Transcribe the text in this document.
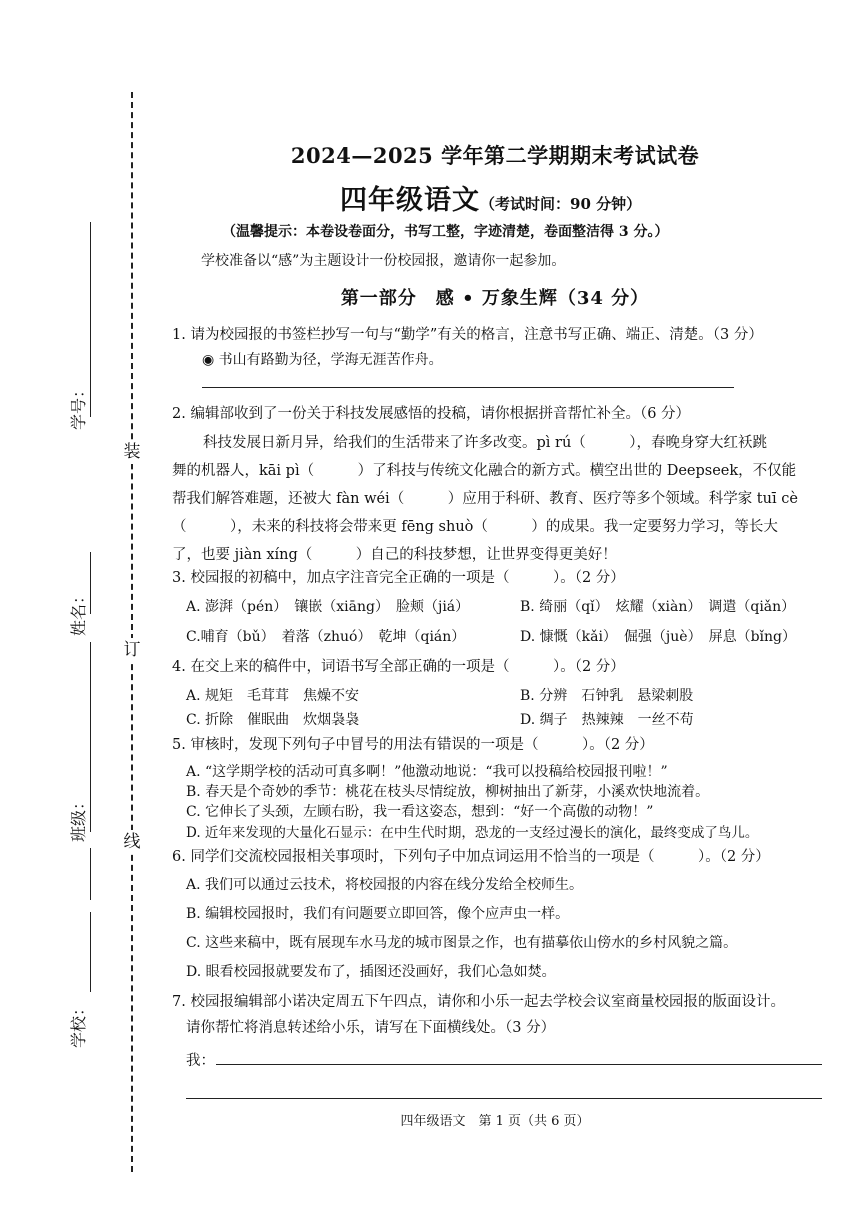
装
订
线
学号：
姓名：
班级：
学校：
2024—2025 学年第二学期期末考试试卷
四年级语文（考试时间：90 分钟）
（温馨提示：本卷设卷面分，书写工整，字迹清楚，卷面整洁得 3 分。）
学校准备以“感”为主题设计一份校园报，邀请你一起参加。
第一部分　感 • 万象生辉（34 分）
1. 请为校园报的书签栏抄写一句与“勤学”有关的格言，注意书写正确、端正、清楚。（3 分）
◉ 书山有路勤为径，学海无涯苦作舟。
2. 编辑部收到了一份关于科技发展感悟的投稿，请你根据拼音帮忙补全。（6 分）
科技发展日新月异，给我们的生活带来了许多改变。pì rú（　　　），春晚身穿大红袄跳
舞的机器人，kāi pì（　　　）了科技与传统文化融合的新方式。横空出世的 Deepseek，不仅能
帮我们解答难题，还被大 fàn wéi（　　　）应用于科研、教育、医疗等多个领域。科学家 tuī cè
（　　　），未来的科技将会带来更 fēng shuò（　　　）的成果。我一定要努力学习，等长大
了，也要 jiàn xíng（　　　）自己的科技梦想，让世界变得更美好！
3. 校园报的初稿中，加点字注音完全正确的一项是（　　　）。（2 分）
A. 澎湃（pén）　镶嵌（xiāng）　脸颊（jiá）	B. 绮丽（qǐ）　炫耀（xiàn）　调遣（qiǎn）
C.哺育（bǔ）　着落（zhuó）　乾坤（qián）	D. 慷慨（kǎi）　倔强（juè）　屏息（bǐng）
4. 在交上来的稿件中，词语书写全部正确的一项是（　　　）。（2 分）
A. 规矩　毛茸茸　焦燥不安	B. 分辨　石钟乳　悬梁刺股
C. 折除　催眠曲　炊烟袅袅	D. 绸子　热辣辣　一丝不苟
5. 审核时，发现下列句子中冒号的用法有错误的一项是（　　　）。（2 分）
A. “这学期学校的活动可真多啊！”他激动地说：“我可以投稿给校园报刊啦！”
B. 春天是个奇妙的季节：桃花在枝头尽情绽放，柳树抽出了新芽，小溪欢快地流着。
C. 它伸长了头颈，左顾右盼，我一看这姿态，想到：“好一个高傲的动物！”
D. 近年来发现的大量化石显示：在中生代时期，恐龙的一支经过漫长的演化，最终变成了鸟儿。
6. 同学们交流校园报相关事项时，下列句子中加点词运用不恰当的一项是（　　　）。（2 分）
A. 我们可以通过云技术，将校园报的内容在线分发给全校师生。
B. 编辑校园报时，我们有问题要立即回答，像个应声虫一样。
C. 这些来稿中，既有展现车水马龙的城市图景之作，也有描摹依山傍水的乡村风貌之篇。
D. 眼看校园报就要发布了，插图还没画好，我们心急如焚。
7. 校园报编辑部小诺决定周五下午四点，请你和小乐一起去学校会议室商量校园报的版面设计。
请你帮忙将消息转述给小乐，请写在下面横线处。（3 分）
我：
四年级语文　第 1 页（共 6 页）
